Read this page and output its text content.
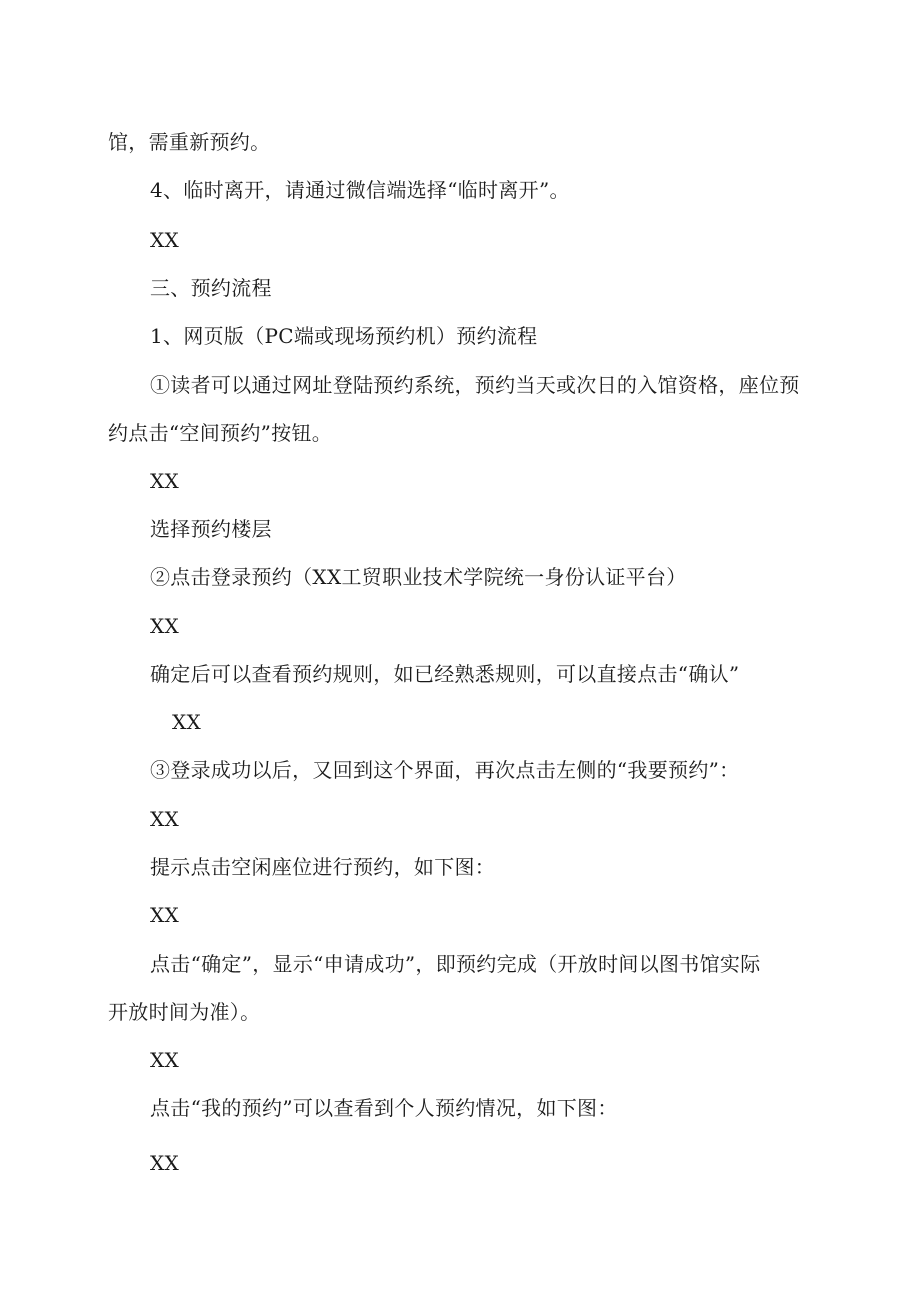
馆，需重新预约。

4、临时离开，请通过微信端选择“临时离开”。

XX

三、预约流程

1、网页版（PC端或现场预约机）预约流程

①读者可以通过网址登陆预约系统，预约当天或次日的入馆资格，座位预

约点击“空间预约”按钮。

XX

选择预约楼层

②点击登录预约（XX工贸职业技术学院统一身份认证平台）

XX

确定后可以查看预约规则，如已经熟悉规则，可以直接点击“确认”

XX

③登录成功以后，又回到这个界面，再次点击左侧的“我要预约”：

XX

提示点击空闲座位进行预约，如下图：

XX

点击“确定”，显示“申请成功”，即预约完成（开放时间以图书馆实际

开放时间为准）。

XX

点击“我的预约”可以查看到个人预约情况，如下图：

XX
